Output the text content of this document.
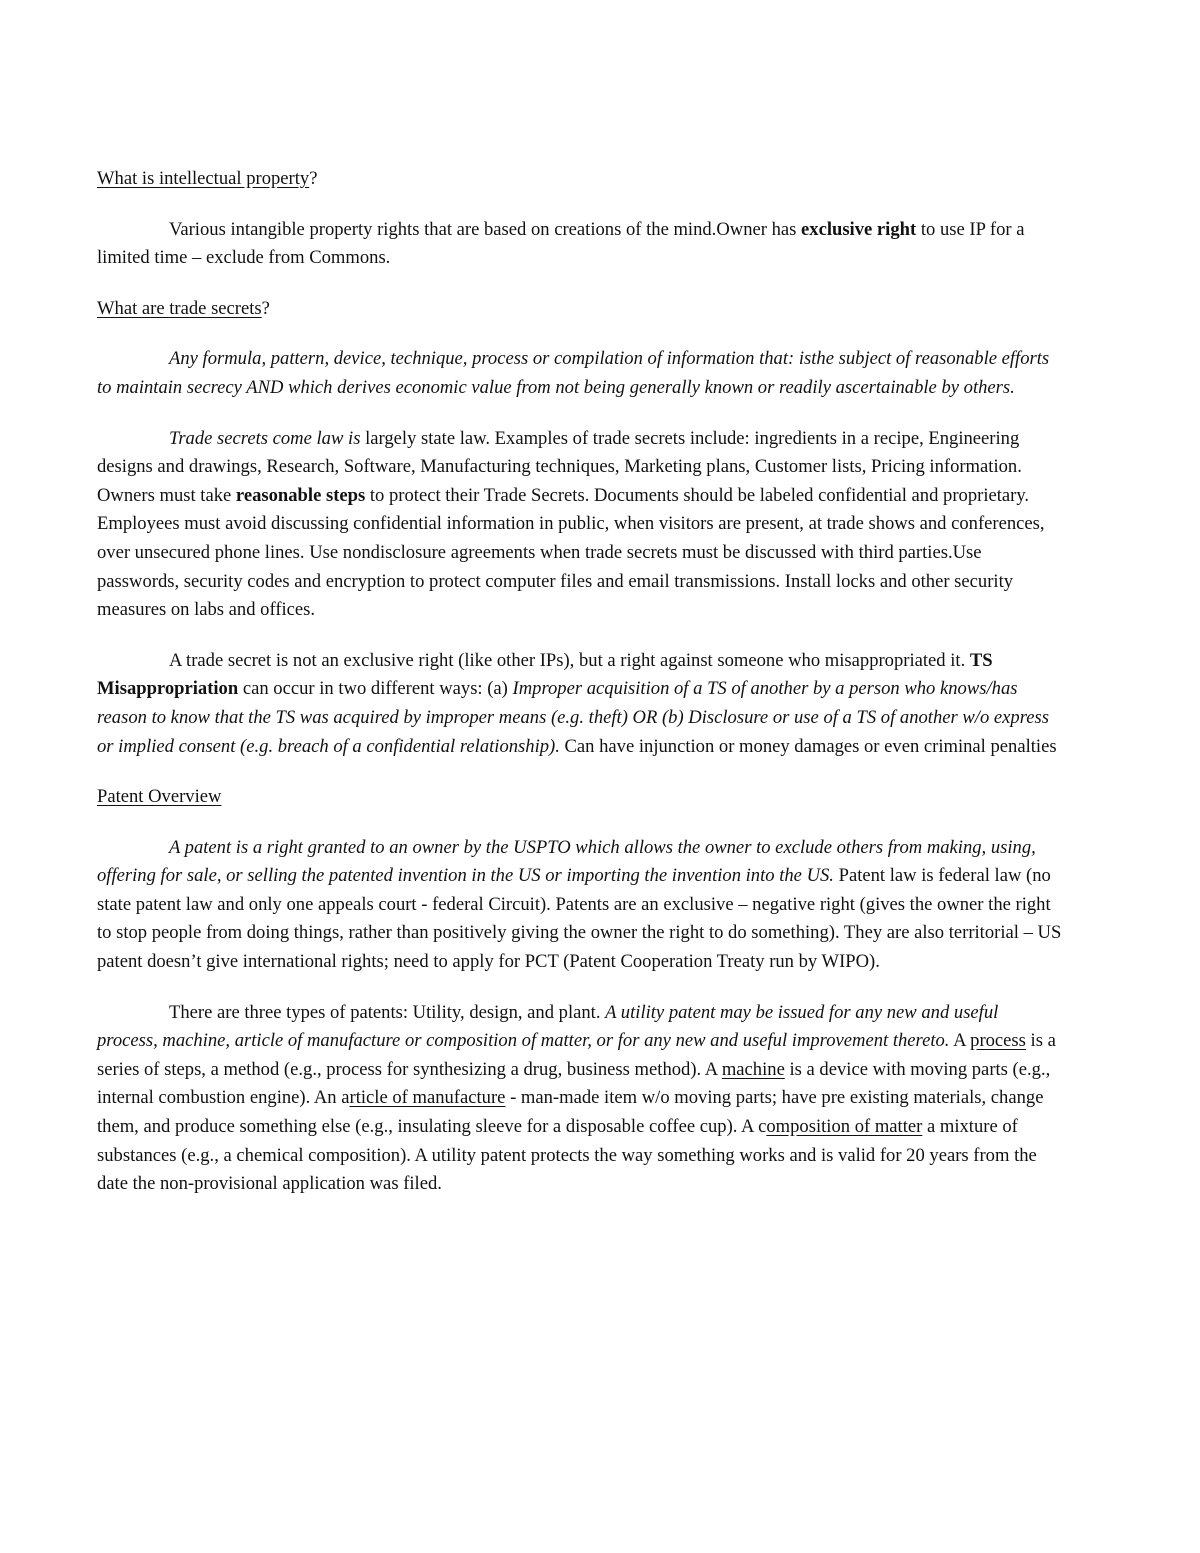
What is intellectual property?

Various intangible property rights that are based on creations of the mind.Owner has exclusive right to use IP for a limited time – exclude from Commons.

What are trade secrets?

Any formula, pattern, device, technique, process or compilation of information that: isthe subject of reasonable efforts to maintain secrecy AND which derives economic value from not being generally known or readily ascertainable by others.

Trade secrets come law is largely state law. Examples of trade secrets include: ingredients in a recipe, Engineering designs and drawings, Research, Software, Manufacturing techniques, Marketing plans, Customer lists, Pricing information. Owners must take reasonable steps to protect their Trade Secrets. Documents should be labeled confidential and proprietary. Employees must avoid discussing confidential information in public, when visitors are present, at trade shows and conferences, over unsecured phone lines. Use nondisclosure agreements when trade secrets must be discussed with third parties.Use passwords, security codes and encryption to protect computer files and email transmissions. Install locks and other security measures on labs and offices.

A trade secret is not an exclusive right (like other IPs), but a right against someone who misappropriated it. TS Misappropriation can occur in two different ways: (a) Improper acquisition of a TS of another by a person who knows/has reason to know that the TS was acquired by improper means (e.g. theft) OR (b) Disclosure or use of a TS of another w/o express or implied consent (e.g. breach of a confidential relationship). Can have injunction or money damages or even criminal penalties

Patent Overview

A patent is a right granted to an owner by the USPTO which allows the owner to exclude others from making, using, offering for sale, or selling the patented invention in the US or importing the invention into the US. Patent law is federal law (no state patent law and only one appeals court - federal Circuit). Patents are an exclusive – negative right (gives the owner the right to stop people from doing things, rather than positively giving the owner the right to do something). They are also territorial – US patent doesn’t give international rights; need to apply for PCT (Patent Cooperation Treaty run by WIPO).

There are three types of patents: Utility, design, and plant. A utility patent may be issued for any new and useful process, machine, article of manufacture or composition of matter, or for any new and useful improvement thereto. A process is a series of steps, a method (e.g., process for synthesizing a drug, business method). A machine is a device with moving parts (e.g., internal combustion engine). An article of manufacture - man-made item w/o moving parts; have pre existing materials, change them, and produce something else (e.g., insulating sleeve for a disposable coffee cup). A composition of matter a mixture of substances (e.g., a chemical composition). A utility patent protects the way something works and is valid for 20 years from the date the non-provisional application was filed.
